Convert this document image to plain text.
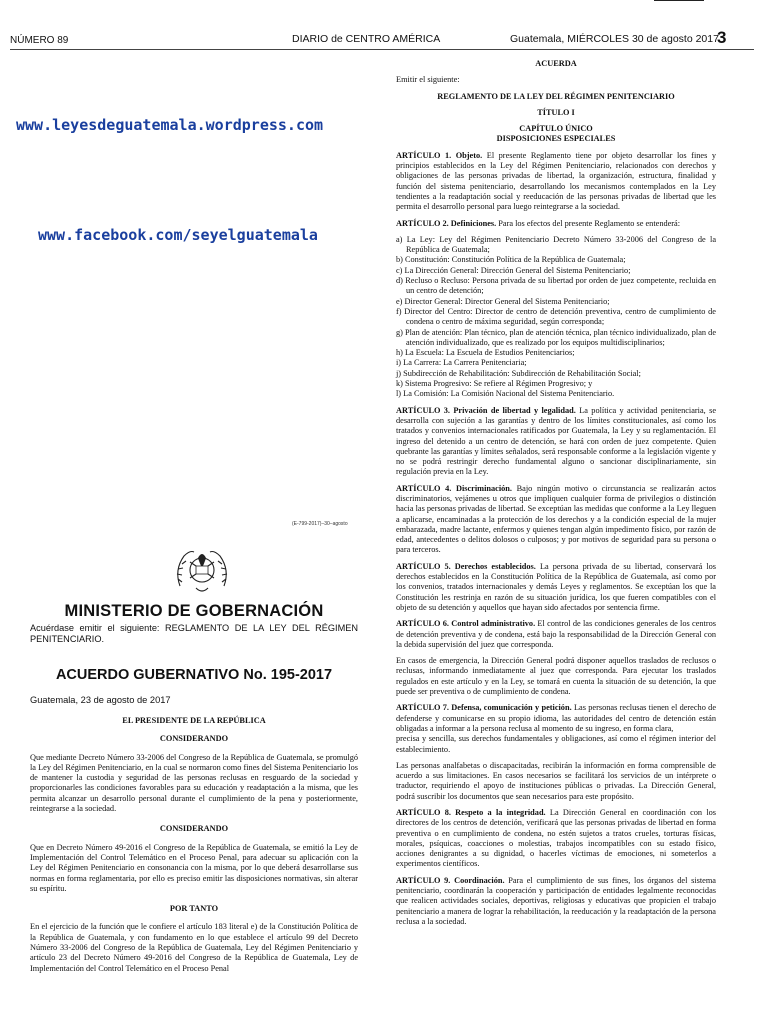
NÚMERO 89	DIARIO de CENTRO AMÉRICA	Guatemala, MIÉRCOLES 30 de agosto 2017
3
www.leyesdeguatemala.wordpress.com
www.facebook.com/seyelguatemala
(E-799-2017)–30–agosto
MINISTERIO DE GOBERNACIÓN
Acuérdase emitir el siguiente: REGLAMENTO DE LA LEY DEL RÉGIMEN PENITENCIARIO.
ACUERDO GUBERNATIVO No. 195-2017
Guatemala, 23 de agosto de 2017

EL PRESIDENTE DE LA REPÚBLICA

CONSIDERANDO

Que mediante Decreto Número 33-2006 del Congreso de la República de Guatemala, se promulgó la Ley del Régimen Penitenciario, en la cual se normaron como fines del Sistema Penitenciario los de mantener la custodia y seguridad de las personas reclusas en resguardo de la sociedad y proporcionarles las condiciones favorables para su educación y readaptación a la misma, que les permita alcanzar un desarrollo personal durante el cumplimiento de la pena y posteriormente, reintegrarse a la sociedad.

CONSIDERANDO

Que en Decreto Número 49-2016 el Congreso de la República de Guatemala, se emitió la Ley de Implementación del Control Telemático en el Proceso Penal, para adecuar su aplicación con la Ley del Régimen Penitenciario en consonancia con la misma, por lo que deberá desarrollarse sus normas en forma reglamentaria, por ello es preciso emitir las disposiciones normativas, sin alterar su espíritu.

POR TANTO

En el ejercicio de la función que le confiere el artículo 183 literal e) de la Constitución Política de la República de Guatemala, y con fundamento en lo que establece el artículo 99 del Decreto Número 33-2006 del Congreso de la República de Guatemala, Ley del Régimen Penitenciario y artículo 23 del Decreto Número 49-2016 del Congreso de la República de Guatemala, Ley de Implementación del Control Telemático en el Proceso Penal

ACUERDA

Emitir el siguiente:

REGLAMENTO DE LA LEY DEL RÉGIMEN PENITENCIARIO

TÍTULO I

CAPÍTULO ÚNICO

DISPOSICIONES ESPECIALES

ARTÍCULO 1. Objeto. El presente Reglamento tiene por objeto desarrollar los fines y principios establecidos en la Ley del Régimen Penitenciario, relacionados con derechos y obligaciones de las personas privadas de libertad, la organización, estructura, finalidad y función del sistema penitenciario, desarrollando los mecanismos contemplados en la Ley tendientes a la readaptación social y reeducación de las personas privadas de libertad que les permita el desarrollo personal para luego reintegrarse a la sociedad.

ARTÍCULO 2. Definiciones. Para los efectos del presente Reglamento se entenderá:

a) La Ley: Ley del Régimen Penitenciario Decreto Número 33-2006 del Congreso de la República de Guatemala;
b) Constitución: Constitución Política de la República de Guatemala;
c) La Dirección General: Dirección General del Sistema Penitenciario;
d) Recluso o Recluso: Persona privada de su libertad por orden de juez competente, recluida en un centro de detención;
e) Director General: Director General del Sistema Penitenciario;
f) Director del Centro: Director de centro de detención preventiva, centro de cumplimiento de condena o centro de máxima seguridad, según corresponda;
g) Plan de atención: Plan técnico, plan de atención técnica, plan técnico individualizado, plan de atención individualizado, que es realizado por los equipos multidisciplinarios;
h) La Escuela: La Escuela de Estudios Penitenciarios;
i) La Carrera: La Carrera Penitenciaria;
j) Subdirección de Rehabilitación: Subdirección de Rehabilitación Social;
k) Sistema Progresivo: Se refiere al Régimen Progresivo; y
l) La Comisión: La Comisión Nacional del Sistema Penitenciario.

ARTÍCULO 3. Privación de libertad y legalidad. La política y actividad penitenciaria, se desarrolla con sujeción a las garantías y dentro de los límites constitucionales, así como los tratados y convenios internacionales ratificados por Guatemala, la Ley y su reglamentación. El ingreso del detenido a un centro de detención, se hará con orden de juez competente. Quien quebrante las garantías y límites señalados, será responsable conforme a la legislación vigente y no se podrá restringir derecho fundamental alguno o sancionar disciplinariamente, sin regulación previa en la Ley.

ARTÍCULO 4. Discriminación. Bajo ningún motivo o circunstancia se realizarán actos discriminatorios, vejámenes u otros que impliquen cualquier forma de privilegios o distinción hacia las personas privadas de libertad. Se exceptúan las medidas que conforme a la Ley lleguen a aplicarse, encaminadas a la protección de los derechos y a la condición especial de la mujer embarazada, madre lactante, enfermos y quienes tengan algún impedimento físico, por razón de edad, antecedentes o delitos dolosos o culposos; y por motivos de seguridad para su persona o para terceros.

ARTÍCULO 5. Derechos establecidos. La persona privada de su libertad, conservará los derechos establecidos en la Constitución Política de la República de Guatemala, así como por los convenios, tratados internacionales y demás Leyes y reglamentos. Se exceptúan los que la Constitución les restrinja en razón de su situación jurídica, los que fueren compatibles con el objeto de su detención y aquellos que hayan sido afectados por sentencia firme.

ARTÍCULO 6. Control administrativo. El control de las condiciones generales de los centros de detención preventiva y de condena, está bajo la responsabilidad de la Dirección General con la debida supervisión del juez que corresponda.

En casos de emergencia, la Dirección General podrá disponer aquellos traslados de reclusos o reclusas, informando inmediatamente al juez que corresponda. Para ejecutar los traslados regulados en este artículo y en la Ley, se tomará en cuenta la situación de su detención, la que puede ser preventiva o de cumplimiento de condena.

ARTÍCULO 7. Defensa, comunicación y petición. Las personas reclusas tienen el derecho de defenderse y comunicarse en su propio idioma, las autoridades del centro de detención están obligadas a informar a la persona reclusa al momento de su ingreso, en forma clara,

precisa y sencilla, sus derechos fundamentales y obligaciones, así como el régimen interior del establecimiento.

Las personas analfabetas o discapacitadas, recibirán la información en forma comprensible de acuerdo a sus limitaciones. En casos necesarios se facilitará los servicios de un intérprete o traductor, requiriendo el apoyo de instituciones públicas o privadas. La Dirección General, podrá suscribir los documentos que sean necesarios para este propósito.

ARTÍCULO 8. Respeto a la integridad. La Dirección General en coordinación con los directores de los centros de detención, verificará que las personas privadas de libertad en forma preventiva o en cumplimiento de condena, no estén sujetos a tratos crueles, torturas físicas, morales, psíquicas, coacciones o molestias, trabajos incompatibles con su estado físico, acciones denigrantes a su dignidad, o hacerles víctimas de emociones, ni someterlos a experimentos científicos.

ARTÍCULO 9. Coordinación. Para el cumplimiento de sus fines, los órganos del sistema penitenciario, coordinarán la cooperación y participación de entidades legalmente reconocidas que realicen actividades sociales, deportivas, religiosas y educativas que propicien el trabajo penitenciario a manera de lograr la rehabilitación, la reeducación y la readaptación de la persona reclusa a la sociedad.
